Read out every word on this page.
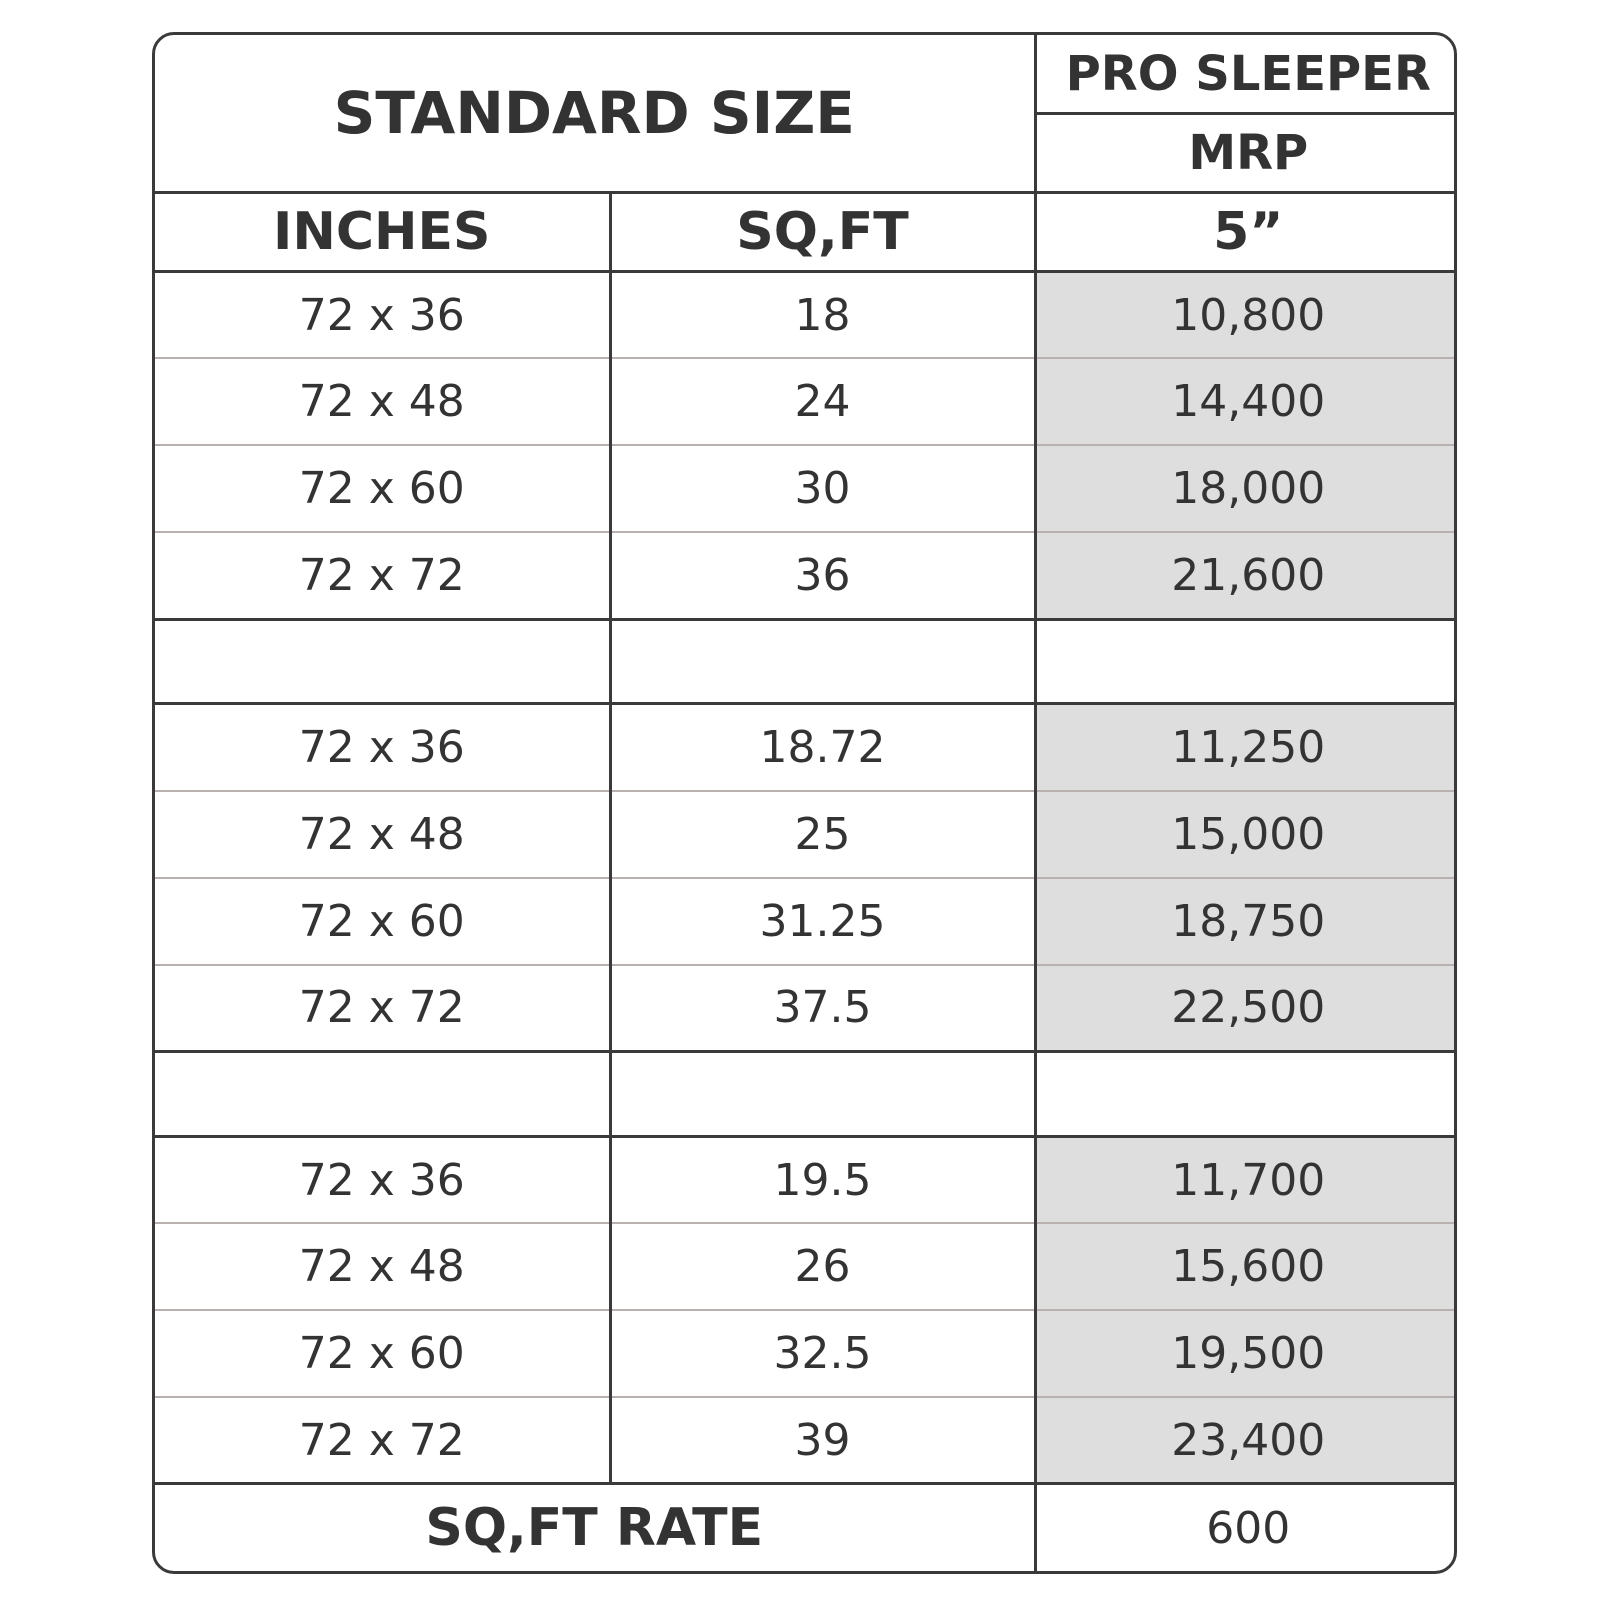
STANDARD SIZE		PRO SLEEPER
		MRP
INCHES	SQ,FT	5”
72 x 36	18	10,800
72 x 48	24	14,400
72 x 60	30	18,000
72 x 72	36	21,600

72 x 36	18.72	11,250
72 x 48	25	15,000
72 x 60	31.25	18,750
72 x 72	37.5	22,500

72 x 36	19.5	11,700
72 x 48	26	15,600
72 x 60	32.5	19,500
72 x 72	39	23,400
SQ,FT RATE		600
